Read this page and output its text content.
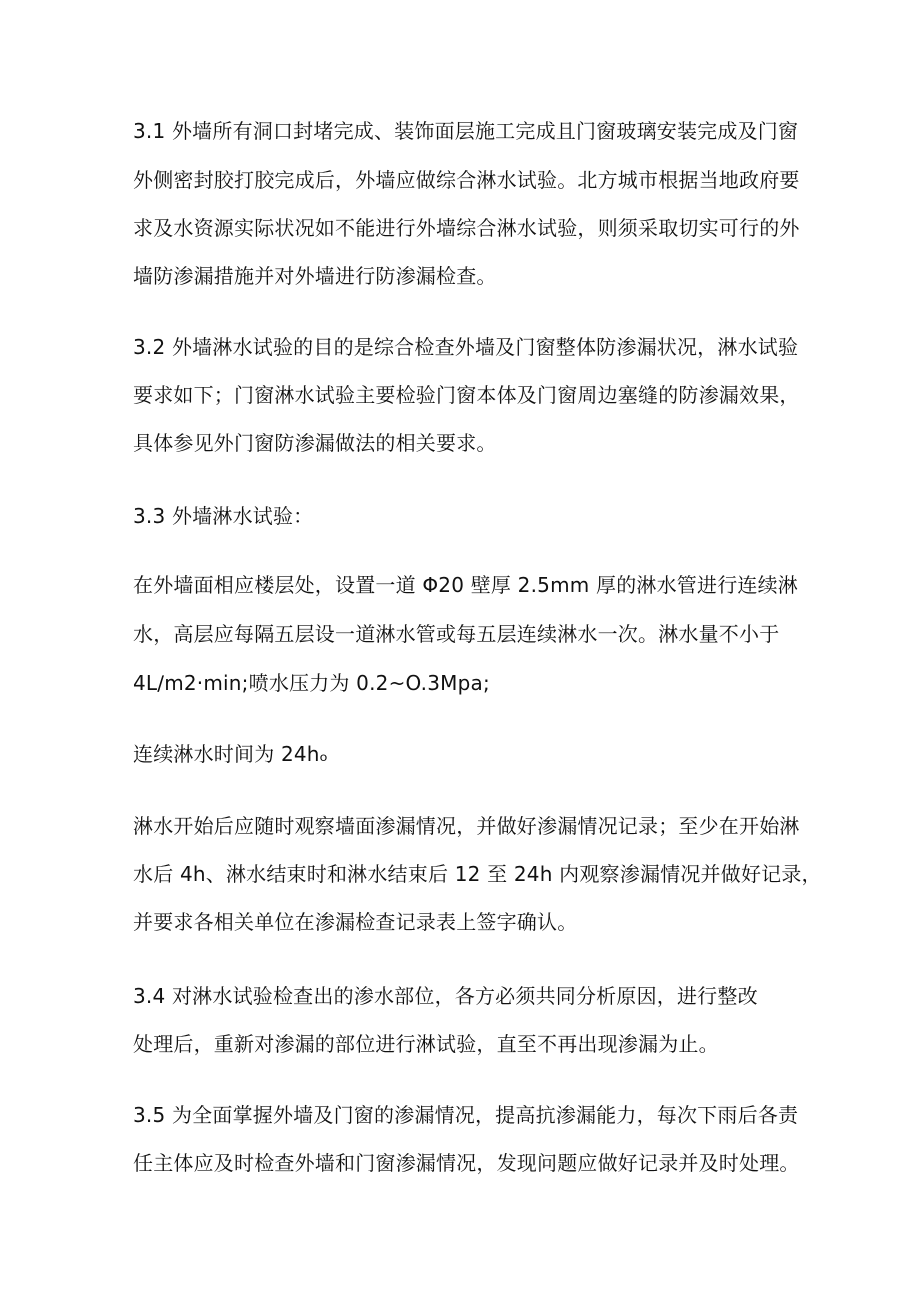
3.1 外墙所有洞口封堵完成、装饰面层施工完成且门窗玻璃安装完成及门窗
外侧密封胶打胶完成后，外墙应做综合淋水试验。北方城市根据当地政府要
求及水资源实际状况如不能进行外墙综合淋水试验，则须采取切实可行的外
墙防渗漏措施并对外墙进行防渗漏检查。
3.2 外墙淋水试验的目的是综合检查外墙及门窗整体防渗漏状况，淋水试验
要求如下；门窗淋水试验主要检验门窗本体及门窗周边塞缝的防渗漏效果，
具体参见外门窗防渗漏做法的相关要求。
3.3 外墙淋水试验：
在外墙面相应楼层处，设置一道 Φ20 壁厚 2.5mm 厚的淋水管进行连续淋
水，高层应每隔五层设一道淋水管或每五层连续淋水一次。淋水量不小于
4L∕m2·min;喷水压力为 0.2~O.3Mpa;
连续淋水时间为 24hₒ
淋水开始后应随时观察墙面渗漏情况，并做好渗漏情况记录；至少在开始淋
水后 4h、淋水结束时和淋水结束后 12 至 24h 内观察渗漏情况并做好记录，
并要求各相关单位在渗漏检查记录表上签字确认。
3.4 对淋水试验检查出的渗水部位，各方必须共同分析原因，进行整改
处理后，重新对渗漏的部位进行淋试验，直至不再出现渗漏为止。
3.5 为全面掌握外墙及门窗的渗漏情况，提高抗渗漏能力，每次下雨后各责
任主体应及时检查外墙和门窗渗漏情况，发现问题应做好记录并及时处理。
